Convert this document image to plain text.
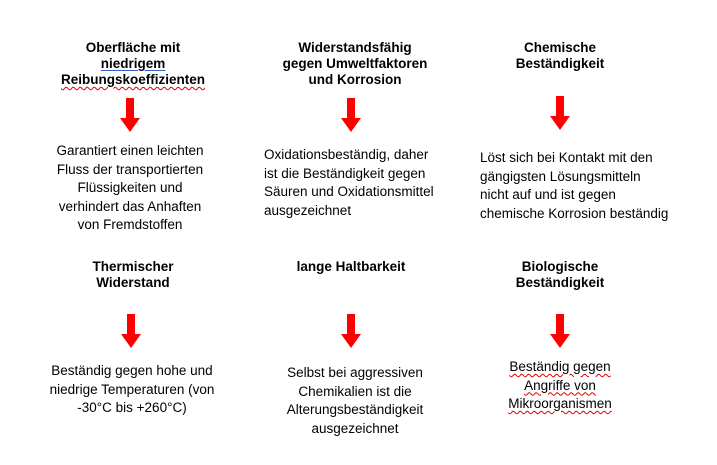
Oberfläche mit
niedrigem
Reibungskoeffizienten
Garantiert einen leichten
Fluss der transportierten
Flüssigkeiten und
verhindert das Anhaften
von Fremdstoffen
Widerstandsfähig
gegen Umweltfaktoren
und Korrosion
Oxidationsbeständig, daher
ist die Beständigkeit gegen
Säuren und Oxidationsmittel
ausgezeichnet
Chemische
Beständigkeit
Löst sich bei Kontakt mit den
gängigsten Lösungsmitteln
nicht auf und ist gegen
chemische Korrosion beständig
Thermischer
Widerstand
Beständig gegen hohe und
niedrige Temperaturen (von
-30°C bis +260°C)
lange Haltbarkeit
Selbst bei aggressiven
Chemikalien ist die
Alterungsbeständigkeit
ausgezeichnet
Biologische
Beständigkeit
Beständig gegen
Angriffe von
Mikroorganismen
